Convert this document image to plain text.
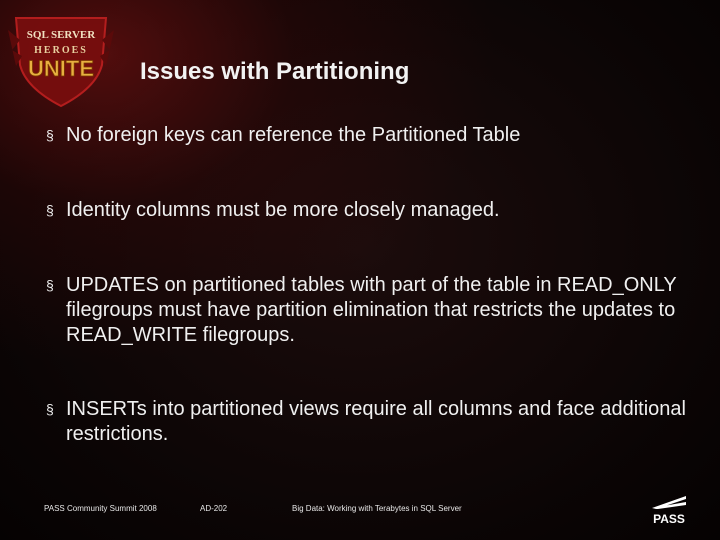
SQL SERVER
HEROES
UNITE Issues with Partitioning
§ No foreign keys can reference the Partitioned Table
§ Identity columns must be more closely managed.
§ UPDATES on partitioned tables with part of the table in READ_ONLY filegroups must have partition elimination that restricts the updates to READ_WRITE filegroups.
§ INSERTs into partitioned views require all columns and face additional restrictions.
PASS Community Summit 2008	AD-202	Big Data: Working with Terabytes in SQL Server
PASS
